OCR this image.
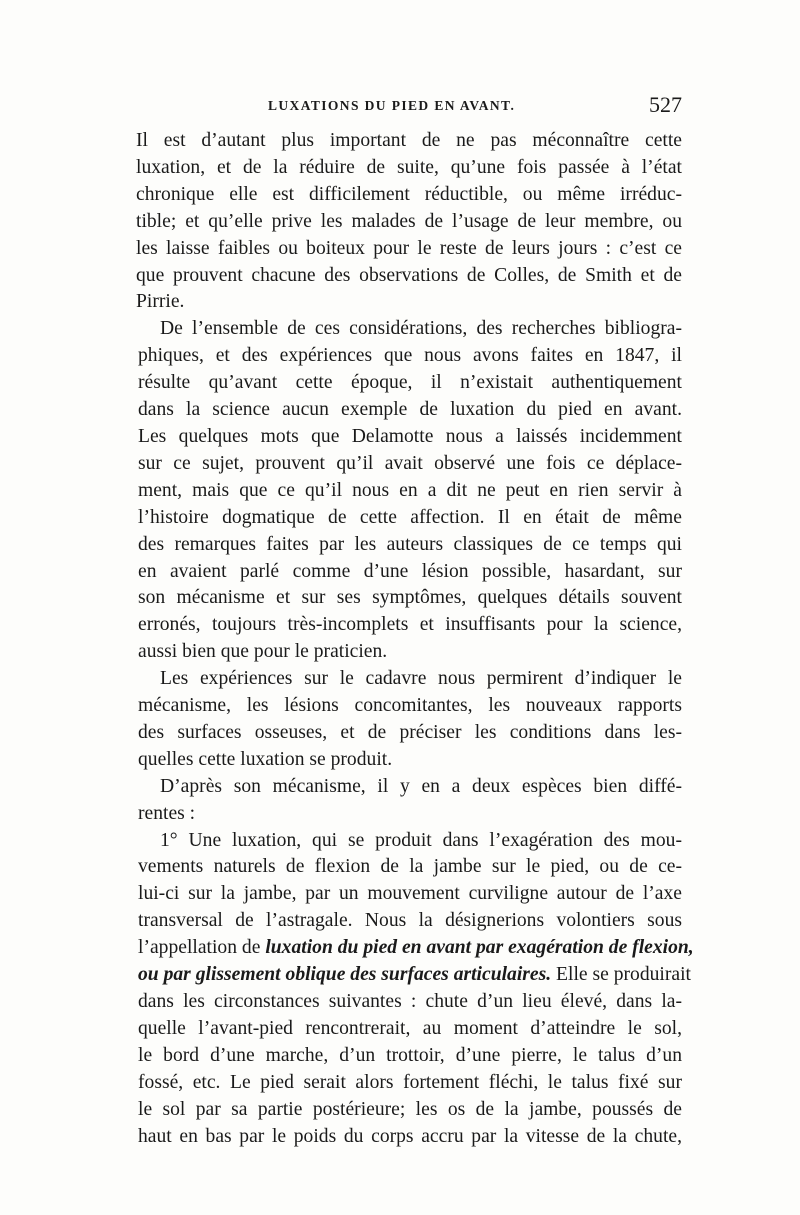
LUXATIONS DU PIED EN AVANT.	527

Il est d’autant plus important de ne pas méconnaître cette
luxation, et de la réduire de suite, qu’une fois passée à l’état
chronique elle est difficilement réductible, ou même irréduc-
tible; et qu’elle prive les malades de l’usage de leur membre, ou
les laisse faibles ou boiteux pour le reste de leurs jours : c’est ce
que prouvent chacune des observations de Colles, de Smith et de
Pirrie.

De l’ensemble de ces considérations, des recherches bibliogra-
phiques, et des expériences que nous avons faites en 1847, il
résulte qu’avant cette époque, il n’existait authentiquement
dans la science aucun exemple de luxation du pied en avant.
Les quelques mots que Delamotte nous a laissés incidemment
sur ce sujet, prouvent qu’il avait observé une fois ce déplace-
ment, mais que ce qu’il nous en a dit ne peut en rien servir à
l’histoire dogmatique de cette affection. Il en était de même
des remarques faites par les auteurs classiques de ce temps qui
en avaient parlé comme d’une lésion possible, hasardant, sur
son mécanisme et sur ses symptômes, quelques détails souvent
erronés, toujours très-incomplets et insuffisants pour la science,
aussi bien que pour le praticien.

Les expériences sur le cadavre nous permirent d’indiquer le
mécanisme, les lésions concomitantes, les nouveaux rapports
des surfaces osseuses, et de préciser les conditions dans les-
quelles cette luxation se produit.

D’après son mécanisme, il y en a deux espèces bien diffé-
rentes :

1° Une luxation, qui se produit dans l’exagération des mou-
vements naturels de flexion de la jambe sur le pied, ou de ce-
lui-ci sur la jambe, par un mouvement curviligne autour de l’axe
transversal de l’astragale. Nous la désignerions volontiers sous
l’appellation de luxation du pied en avant par exagération de flexion,
ou par glissement oblique des surfaces articulaires. Elle se produirait
dans les circonstances suivantes : chute d’un lieu élevé, dans la-
quelle l’avant-pied rencontrerait, au moment d’atteindre le sol,
le bord d’une marche, d’un trottoir, d’une pierre, le talus d’un
fossé, etc. Le pied serait alors fortement fléchi, le talus fixé sur
le sol par sa partie postérieure; les os de la jambe, poussés de
haut en bas par le poids du corps accru par la vitesse de la chute,
